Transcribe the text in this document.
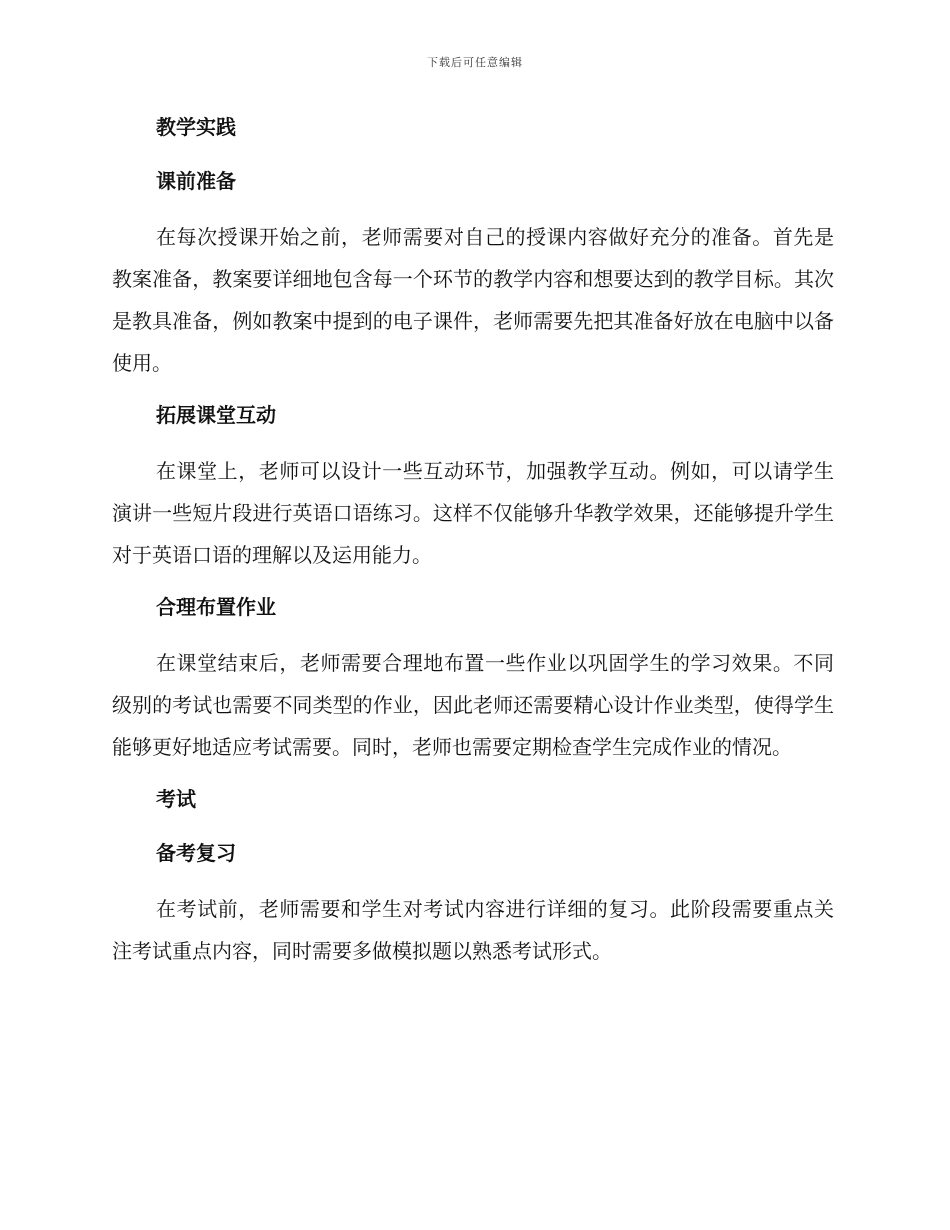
下载后可任意编辑
教学实践
课前准备

在每次授课开始之前，老师需要对自己的授课内容做好充分的准备。首先是教案准备，教案要详细地包含每一个环节的教学内容和想要达到的教学目标。其次是教具准备，例如教案中提到的电子课件，老师需要先把其准备好放在电脑中以备使用。

拓展课堂互动

在课堂上，老师可以设计一些互动环节，加强教学互动。例如，可以请学生演讲一些短片段进行英语口语练习。这样不仅能够升华教学效果，还能够提升学生对于英语口语的理解以及运用能力。

合理布置作业

在课堂结束后，老师需要合理地布置一些作业以巩固学生的学习效果。不同级别的考试也需要不同类型的作业，因此老师还需要精心设计作业类型，使得学生能够更好地适应考试需要。同时，老师也需要定期检查学生完成作业的情况。

考试
备考复习

在考试前，老师需要和学生对考试内容进行详细的复习。此阶段需要重点关注考试重点内容，同时需要多做模拟题以熟悉考试形式。
